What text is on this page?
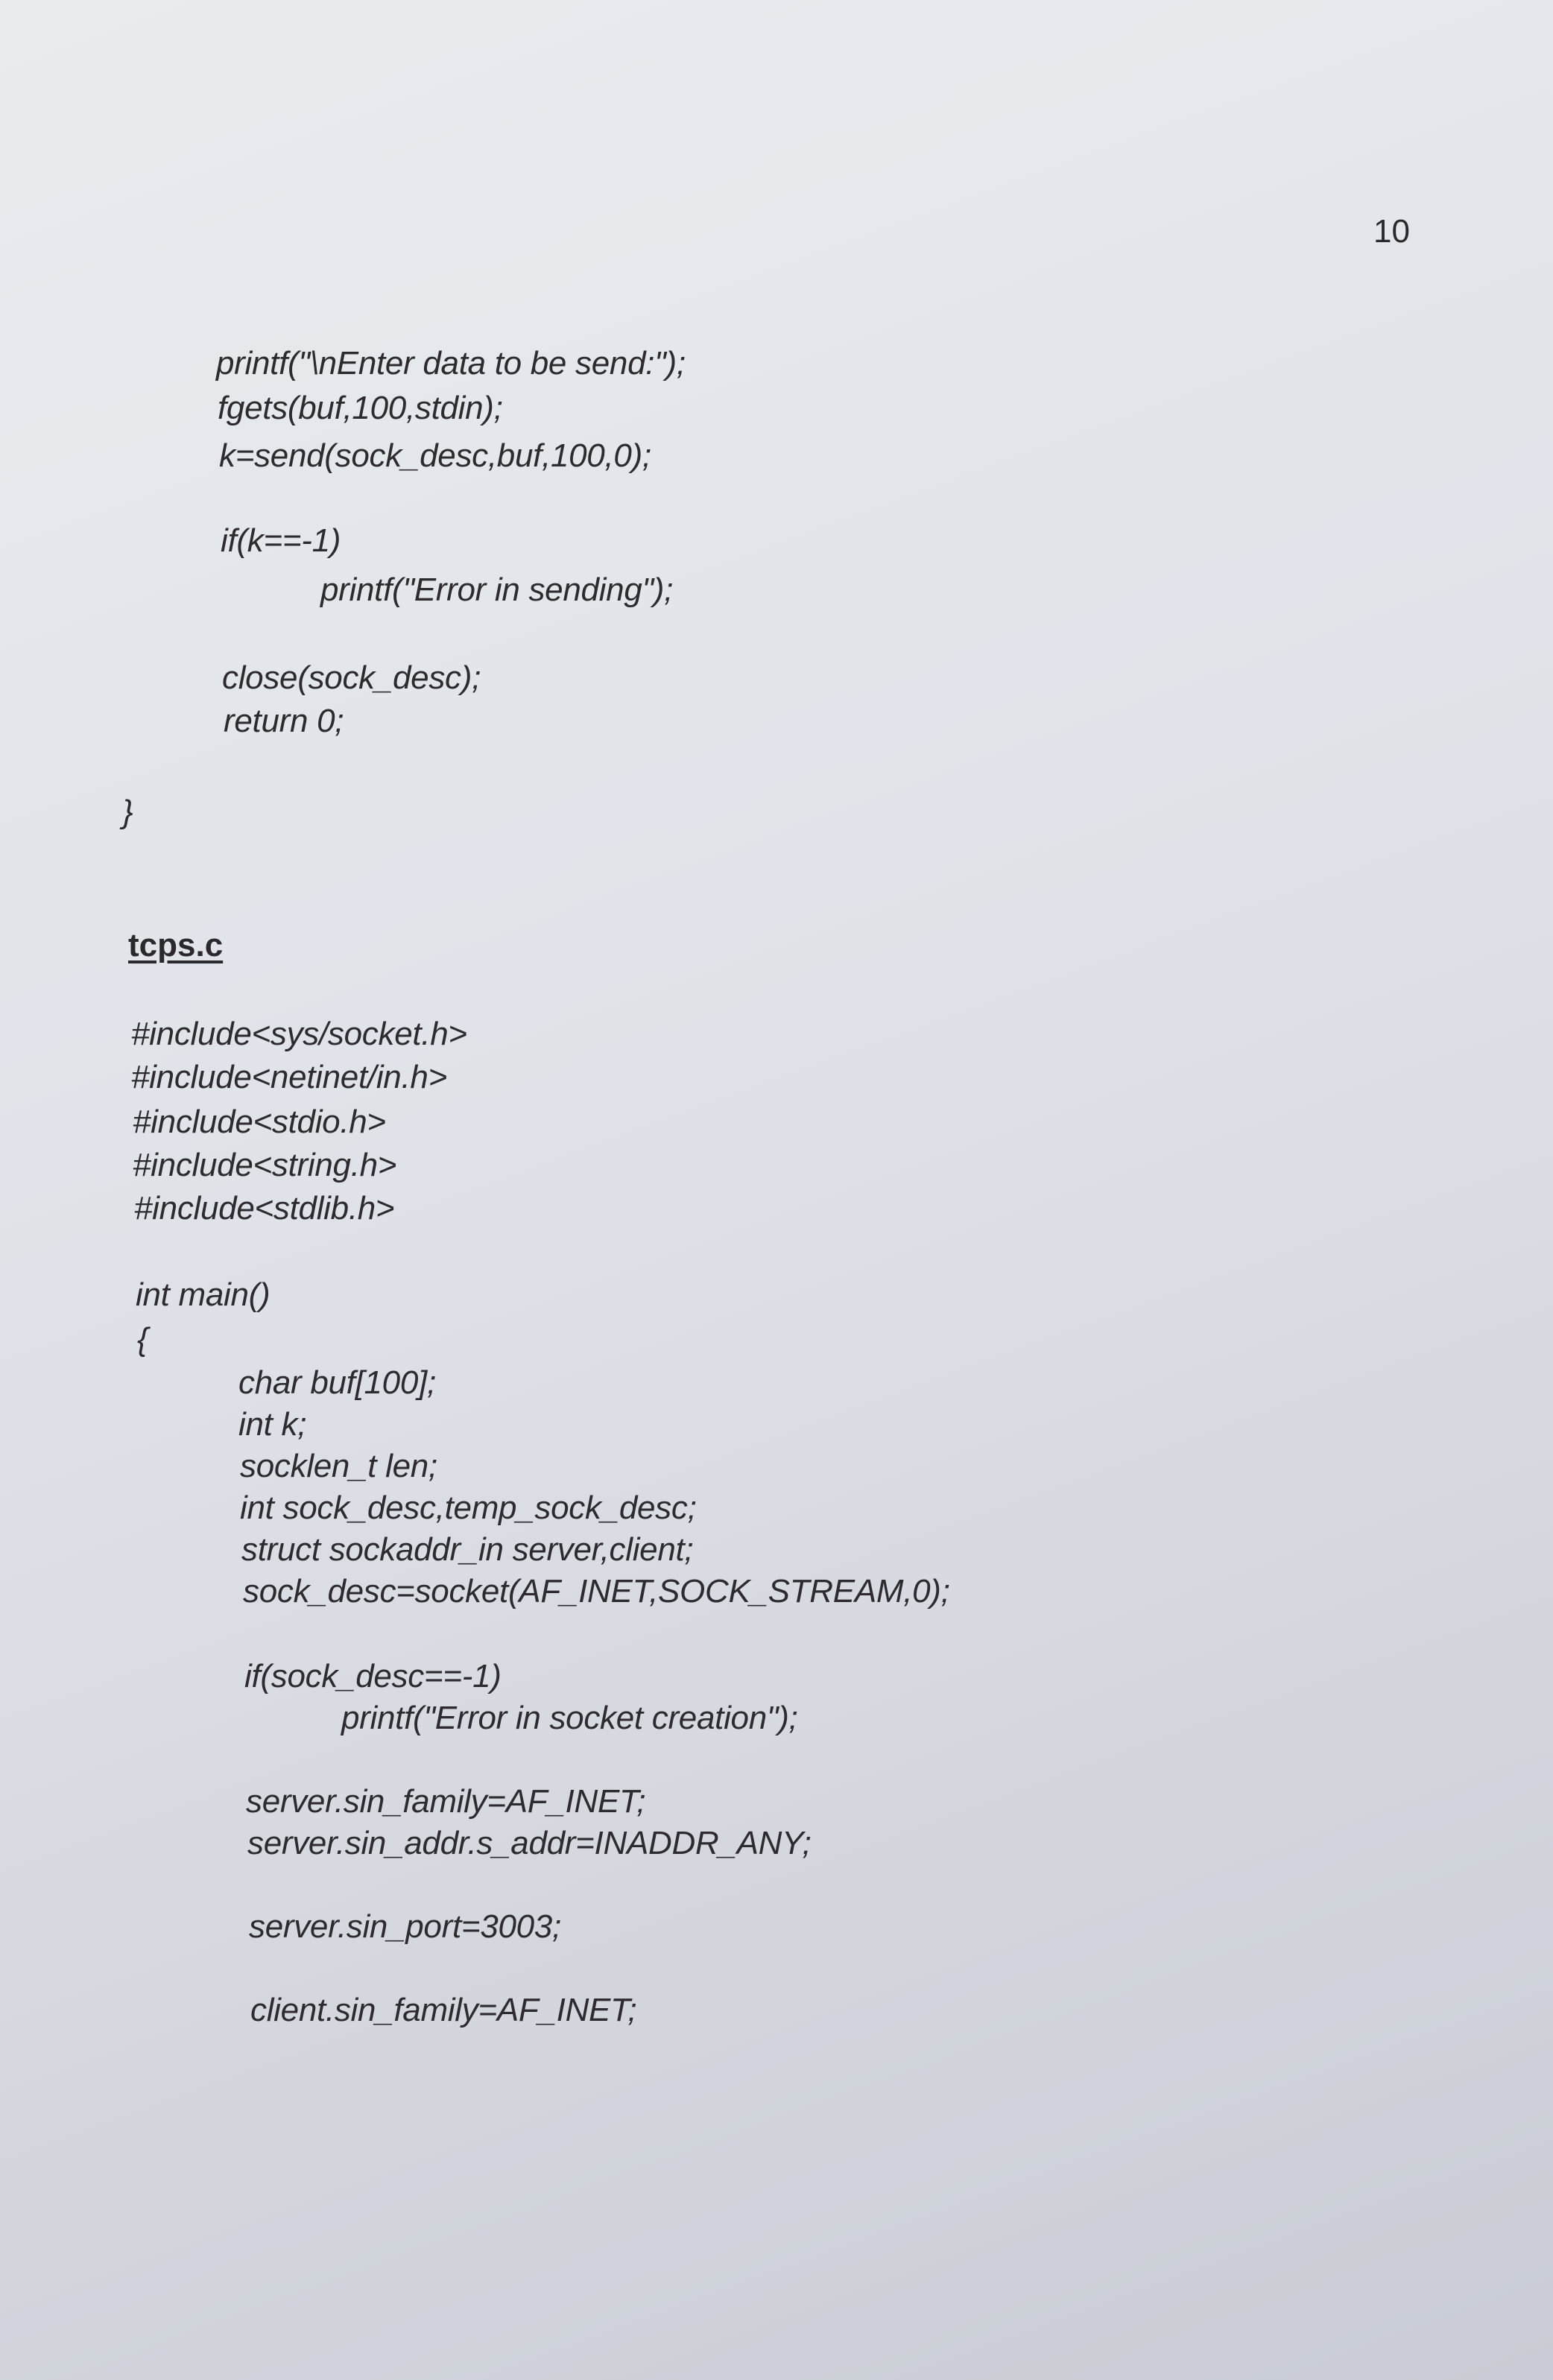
10
printf("\nEnter data to be send:");
fgets(buf,100,stdin);
k=send(sock_desc,buf,100,0);
if(k==-1)
printf("Error in sending");
close(sock_desc);
return 0;
}
tcps.c
#include<sys/socket.h>
#include<netinet/in.h>
#include<stdio.h>
#include<string.h>
#include<stdlib.h>
int main()
{
char buf[100];
int k;
socklen_t len;
int sock_desc,temp_sock_desc;
struct sockaddr_in server,client;
sock_desc=socket(AF_INET,SOCK_STREAM,0);
if(sock_desc==-1)
printf("Error in socket creation");
server.sin_family=AF_INET;
server.sin_addr.s_addr=INADDR_ANY;
server.sin_port=3003;
client.sin_family=AF_INET;
